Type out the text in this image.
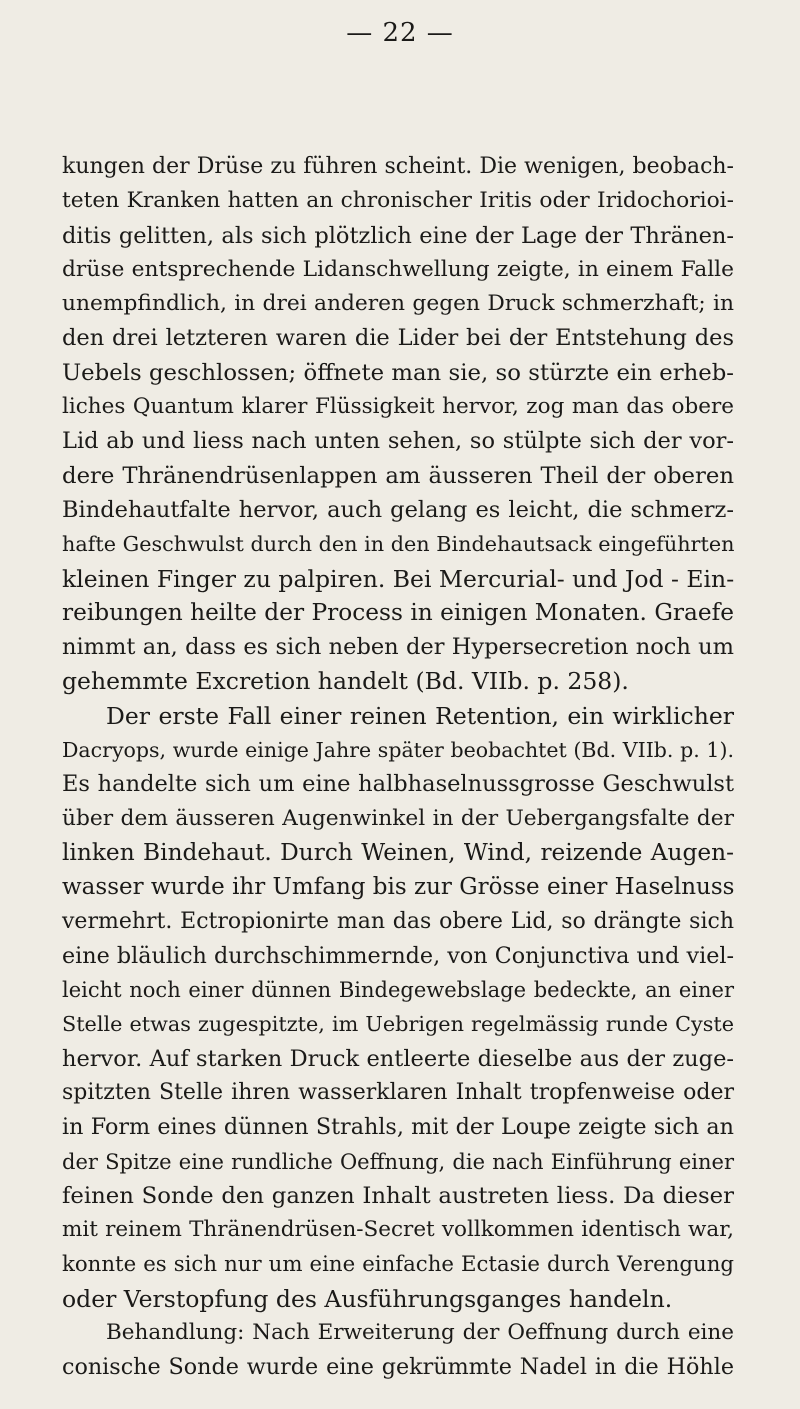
— 22 —
kungen der Drüse zu führen scheint. Die wenigen, beobach-
teten Kranken hatten an chronischer Iritis oder Iridochorioi-
ditis gelitten, als sich plötzlich eine der Lage der Thränen-
drüse entsprechende Lidanschwellung zeigte, in einem Falle
unempfindlich, in drei anderen gegen Druck schmerzhaft; in
den drei letzteren waren die Lider bei der Entstehung des
Uebels geschlossen; öffnete man sie, so stürzte ein erheb-
liches Quantum klarer Flüssigkeit hervor, zog man das obere
Lid ab und liess nach unten sehen, so stülpte sich der vor-
dere Thränendrüsenlappen am äusseren Theil der oberen
Bindehautfalte hervor, auch gelang es leicht, die schmerz-
hafte Geschwulst durch den in den Bindehautsack eingeführten
kleinen Finger zu palpiren. Bei Mercurial- und Jod - Ein-
reibungen heilte der Process in einigen Monaten. Graefe
nimmt an, dass es sich neben der Hypersecretion noch um
gehemmte Excretion handelt (Bd. VIIb. p. 258).
Der erste Fall einer reinen Retention, ein wirklicher
Dacryops, wurde einige Jahre später beobachtet (Bd. VIIb. p. 1).
Es handelte sich um eine halbhaselnussgrosse Geschwulst
über dem äusseren Augenwinkel in der Uebergangsfalte der
linken Bindehaut. Durch Weinen, Wind, reizende Augen-
wasser wurde ihr Umfang bis zur Grösse einer Haselnuss
vermehrt. Ectropionirte man das obere Lid, so drängte sich
eine bläulich durchschimmernde, von Conjunctiva und viel-
leicht noch einer dünnen Bindegewebslage bedeckte, an einer
Stelle etwas zugespitzte, im Uebrigen regelmässig runde Cyste
hervor. Auf starken Druck entleerte dieselbe aus der zuge-
spitzten Stelle ihren wasserklaren Inhalt tropfenweise oder
in Form eines dünnen Strahls, mit der Loupe zeigte sich an
der Spitze eine rundliche Oeffnung, die nach Einführung einer
feinen Sonde den ganzen Inhalt austreten liess. Da dieser
mit reinem Thränendrüsen-Secret vollkommen identisch war,
konnte es sich nur um eine einfache Ectasie durch Verengung
oder Verstopfung des Ausführungsganges handeln.
Behandlung: Nach Erweiterung der Oeffnung durch eine
conische Sonde wurde eine gekrümmte Nadel in die Höhle
